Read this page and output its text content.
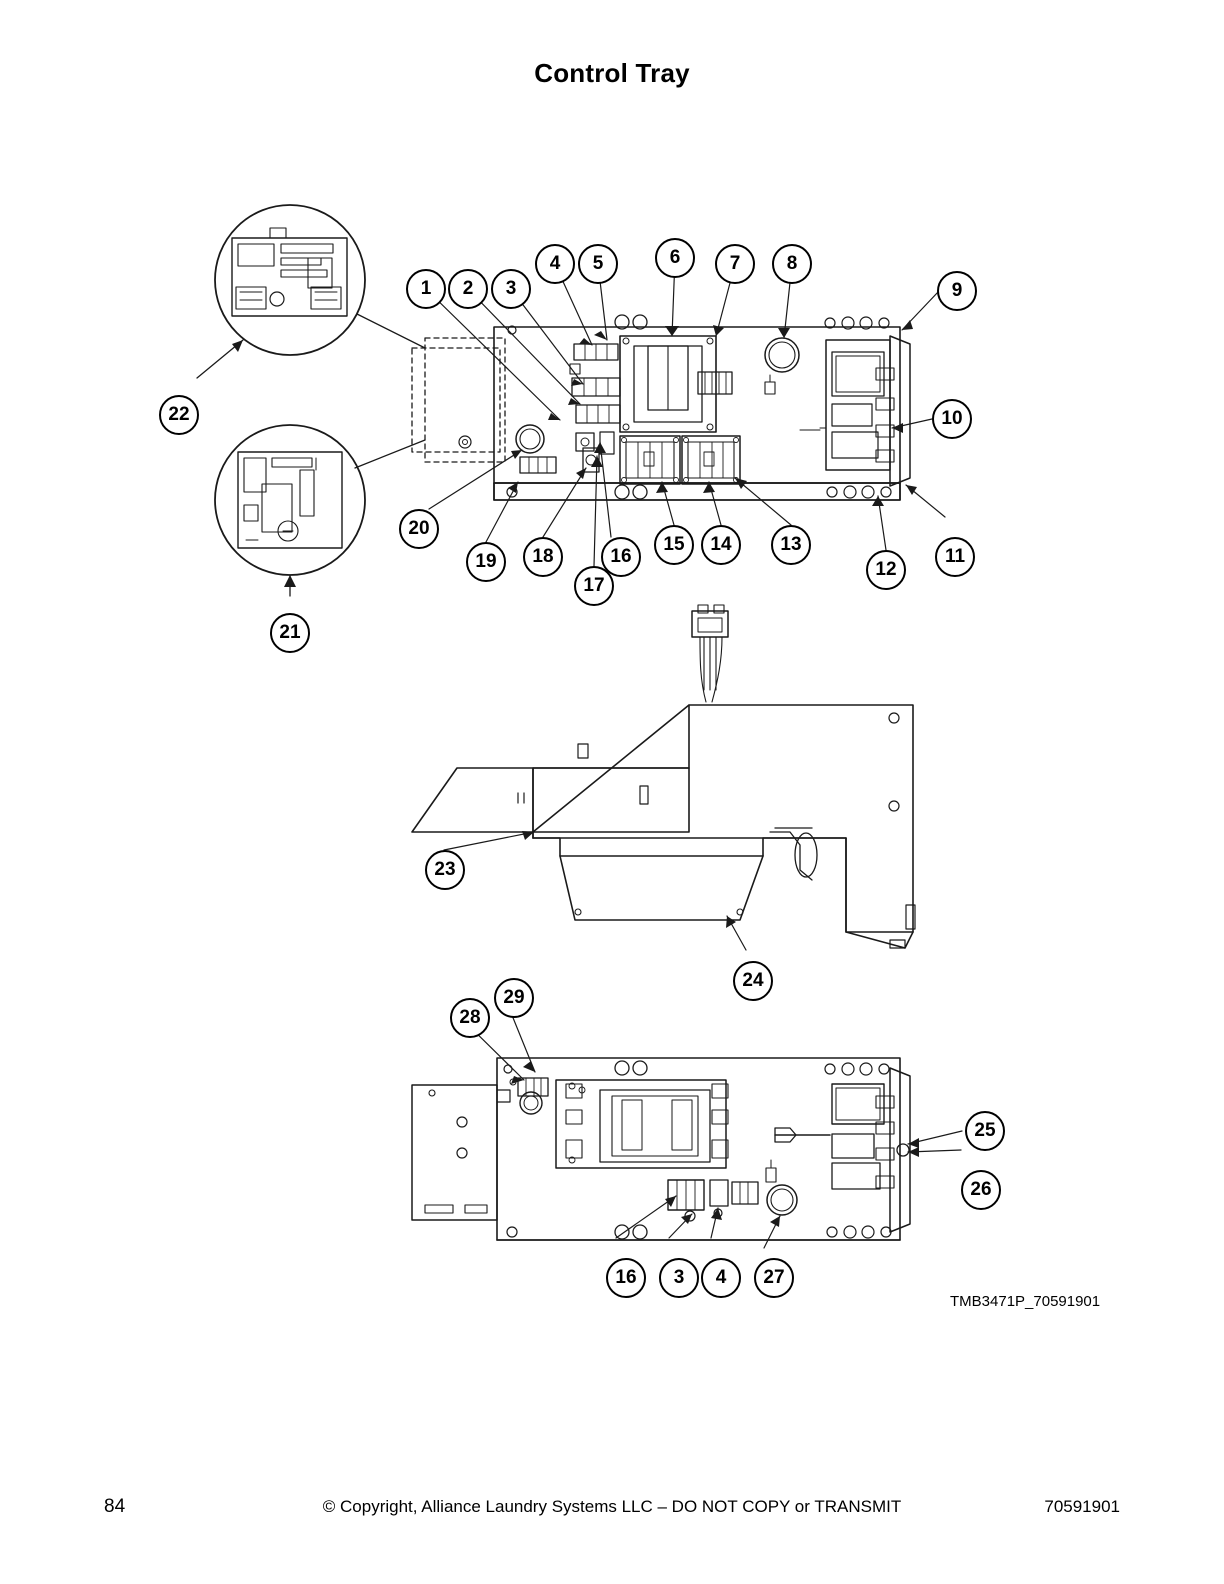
Control Tray
1	2	3
4	5	6	7	8
9
10
11
12
13
14
15
16
17
18
19
20
21
22
23
24
25
26
27
28
29
16	3	4
TMB3471P_70591901
84	© Copyright, Alliance Laundry Systems LLC – DO NOT COPY or TRANSMIT	70591901
